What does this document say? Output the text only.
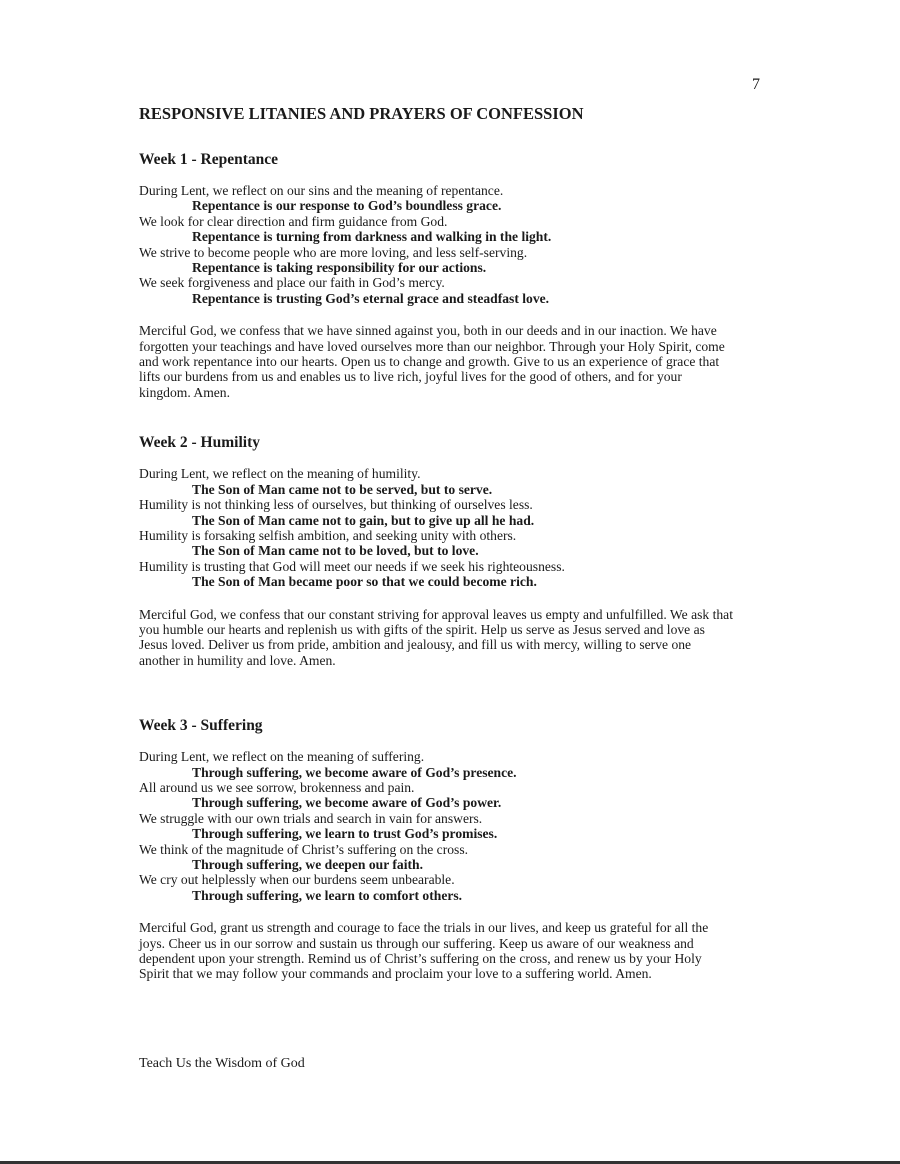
7
RESPONSIVE LITANIES AND PRAYERS OF CONFESSION
Week 1 - Repentance
During Lent, we reflect on our sins and the meaning of repentance.
Repentance is our response to God’s boundless grace.
We look for clear direction and firm guidance from God.
Repentance is turning from darkness and walking in the light.
We strive to become people who are more loving, and less self-serving.
Repentance is taking responsibility for our actions.
We seek forgiveness and place our faith in God’s mercy.
Repentance is trusting God’s eternal grace and steadfast love.

Merciful God, we confess that we have sinned against you, both in our deeds and in our inaction. We have forgotten your teachings and have loved ourselves more than our neighbor. Through your Holy Spirit, come and work repentance into our hearts. Open us to change and growth. Give to us an experience of grace that lifts our burdens from us and enables us to live rich, joyful lives for the good of others, and for your kingdom. Amen.

Week 2 - Humility
During Lent, we reflect on the meaning of humility.
The Son of Man came not to be served, but to serve.
Humility is not thinking less of ourselves, but thinking of ourselves less.
The Son of Man came not to gain, but to give up all he had.
Humility is forsaking selfish ambition, and seeking unity with others.
The Son of Man came not to be loved, but to love.
Humility is trusting that God will meet our needs if we seek his righteousness.
The Son of Man became poor so that we could become rich.

Merciful God, we confess that our constant striving for approval leaves us empty and unfulfilled. We ask that you humble our hearts and replenish us with gifts of the spirit. Help us serve as Jesus served and love as Jesus loved. Deliver us from pride, ambition and jealousy, and fill us with mercy, willing to serve one another in humility and love. Amen.

Week 3 - Suffering
During Lent, we reflect on the meaning of suffering.
Through suffering, we become aware of God’s presence.
All around us we see sorrow, brokenness and pain.
Through suffering, we become aware of God’s power.
We struggle with our own trials and search in vain for answers.
Through suffering, we learn to trust God’s promises.
We think of the magnitude of Christ’s suffering on the cross.
Through suffering, we deepen our faith.
We cry out helplessly when our burdens seem unbearable.
Through suffering, we learn to comfort others.

Merciful God, grant us strength and courage to face the trials in our lives, and keep us grateful for all the joys. Cheer us in our sorrow and sustain us through our suffering. Keep us aware of our weakness and dependent upon your strength. Remind us of Christ’s suffering on the cross, and renew us by your Holy Spirit that we may follow your commands and proclaim your love to a suffering world. Amen.

Teach Us the Wisdom of God
